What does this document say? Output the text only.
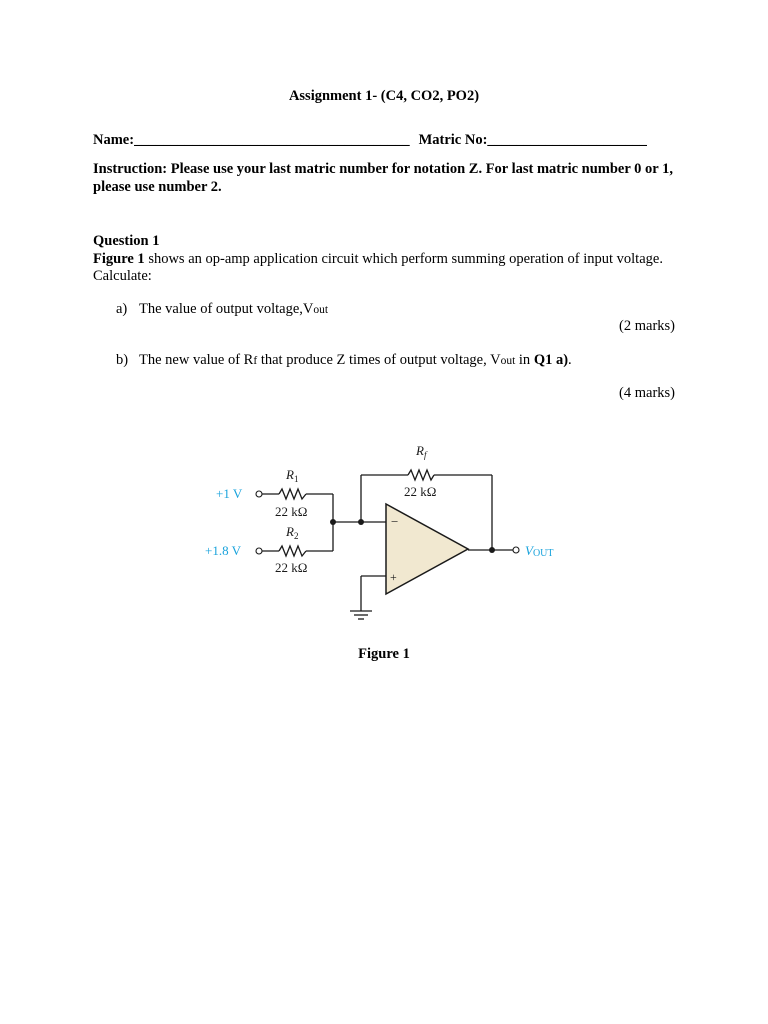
Assignment 1- (C4, CO2, PO2)
Name:______________________________________ Matric No:______________________
Instruction: Please use your last matric number for notation Z. For last matric number 0 or 1, please use number 2.
Question 1
Figure 1 shows an op-amp application circuit which perform summing operation of input voltage. Calculate:
a) The value of output voltage,Vout
(2 marks)
b) The new value of Rf that produce Z times of output voltage, Vout in Q1 a).
(4 marks)
$R_1$
22 kΩ
$R_2$
22 kΩ
$R_f$
22 kΩ
−
+
+1 V
+1.8 V	VOUT
Figure 1
